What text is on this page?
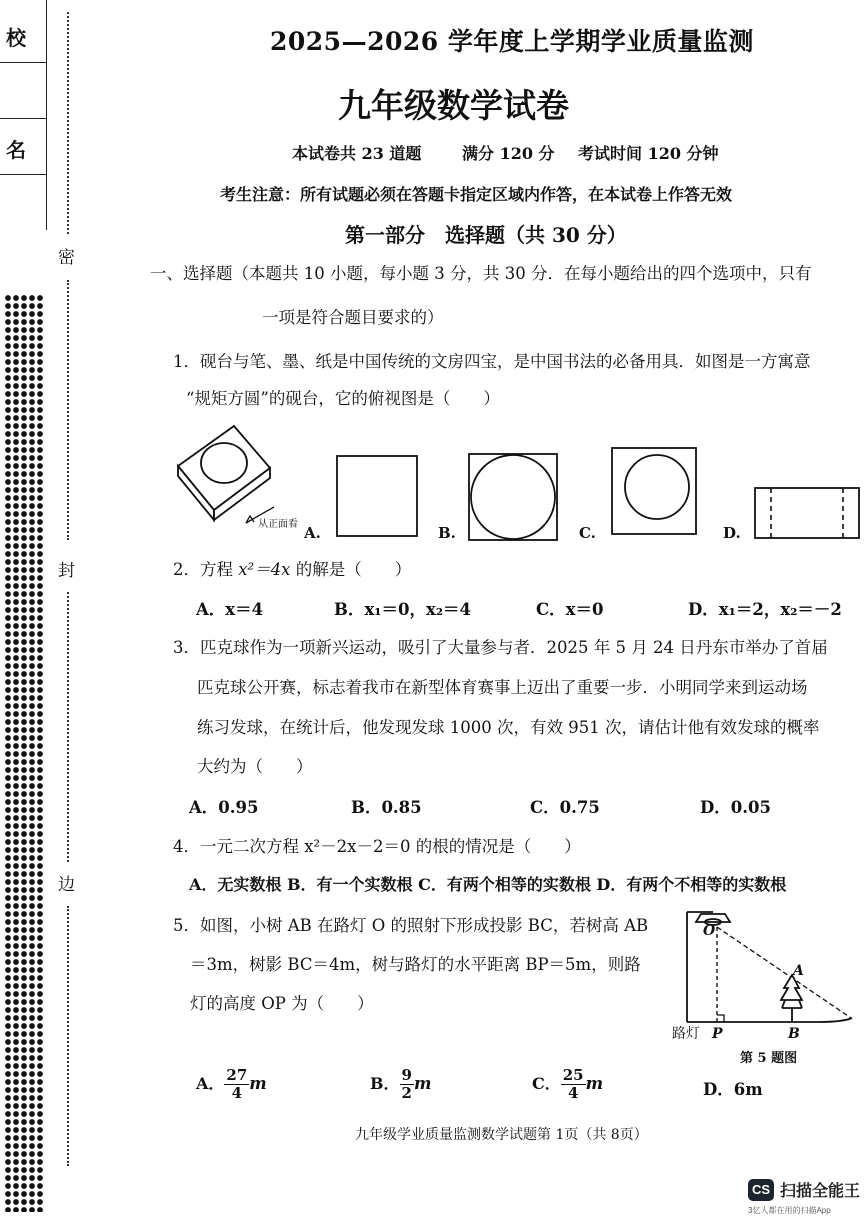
校
名
密
封
边
2025—2026 学年度上学期学业质量监测
九年级数学试卷
本试卷共 23 道题	满分 120 分 考试时间 120 分钟
考生注意：所有试题必须在答题卡指定区域内作答，在本试卷上作答无效
第一部分　选择题（共 30 分）
一、选择题（本题共 10 小题，每小题 3 分，共 30 分．在每小题给出的四个选项中，只有
一项是符合题目要求的）
1．砚台与笔、墨、纸是中国传统的文房四宝，是中国书法的必备用具．如图是一方寓意
“规矩方圆”的砚台，它的俯视图是（　　）
从正面看 A.	B.	C.	D.
2．方程 x²＝4x 的解是（　　）
A．x＝4	B．x₁＝0，x₂＝4	C．x＝0	D．x₁＝2，x₂＝－2
3．匹克球作为一项新兴运动，吸引了大量参与者．2025 年 5 月 24 日丹东市举办了首届
匹克球公开赛，标志着我市在新型体育赛事上迈出了重要一步．小明同学来到运动场
练习发球，在统计后，他发现发球 1000 次，有效 951 次，请估计他有效发球的概率
大约为（　　）
A．0.95	B．0.85	C．0.75	D．0.05
4．一元二次方程 x²－2x－2＝0 的根的情况是（　　）
A．无实数根 B．有一个实数根 C．有两个相等的实数根 D．有两个不相等的实数根
5．如图，小树 AB 在路灯 O 的照射下形成投影 BC，若树高 AB
＝3m，树影 BC＝4m，树与路灯的水平距离 BP＝5m，则路
灯的高度 OP 为（　　）
O
A
P	B
路灯
第 5 题图
A． $\frac{27}{4}$ m	B． $\frac{9}{2}$ m	C． $\frac{25}{4}$ m	D．6m
九年级学业质量监测数学试题第 1页（共 8页）
CS 扫描全能王
3亿人都在用的扫描App
